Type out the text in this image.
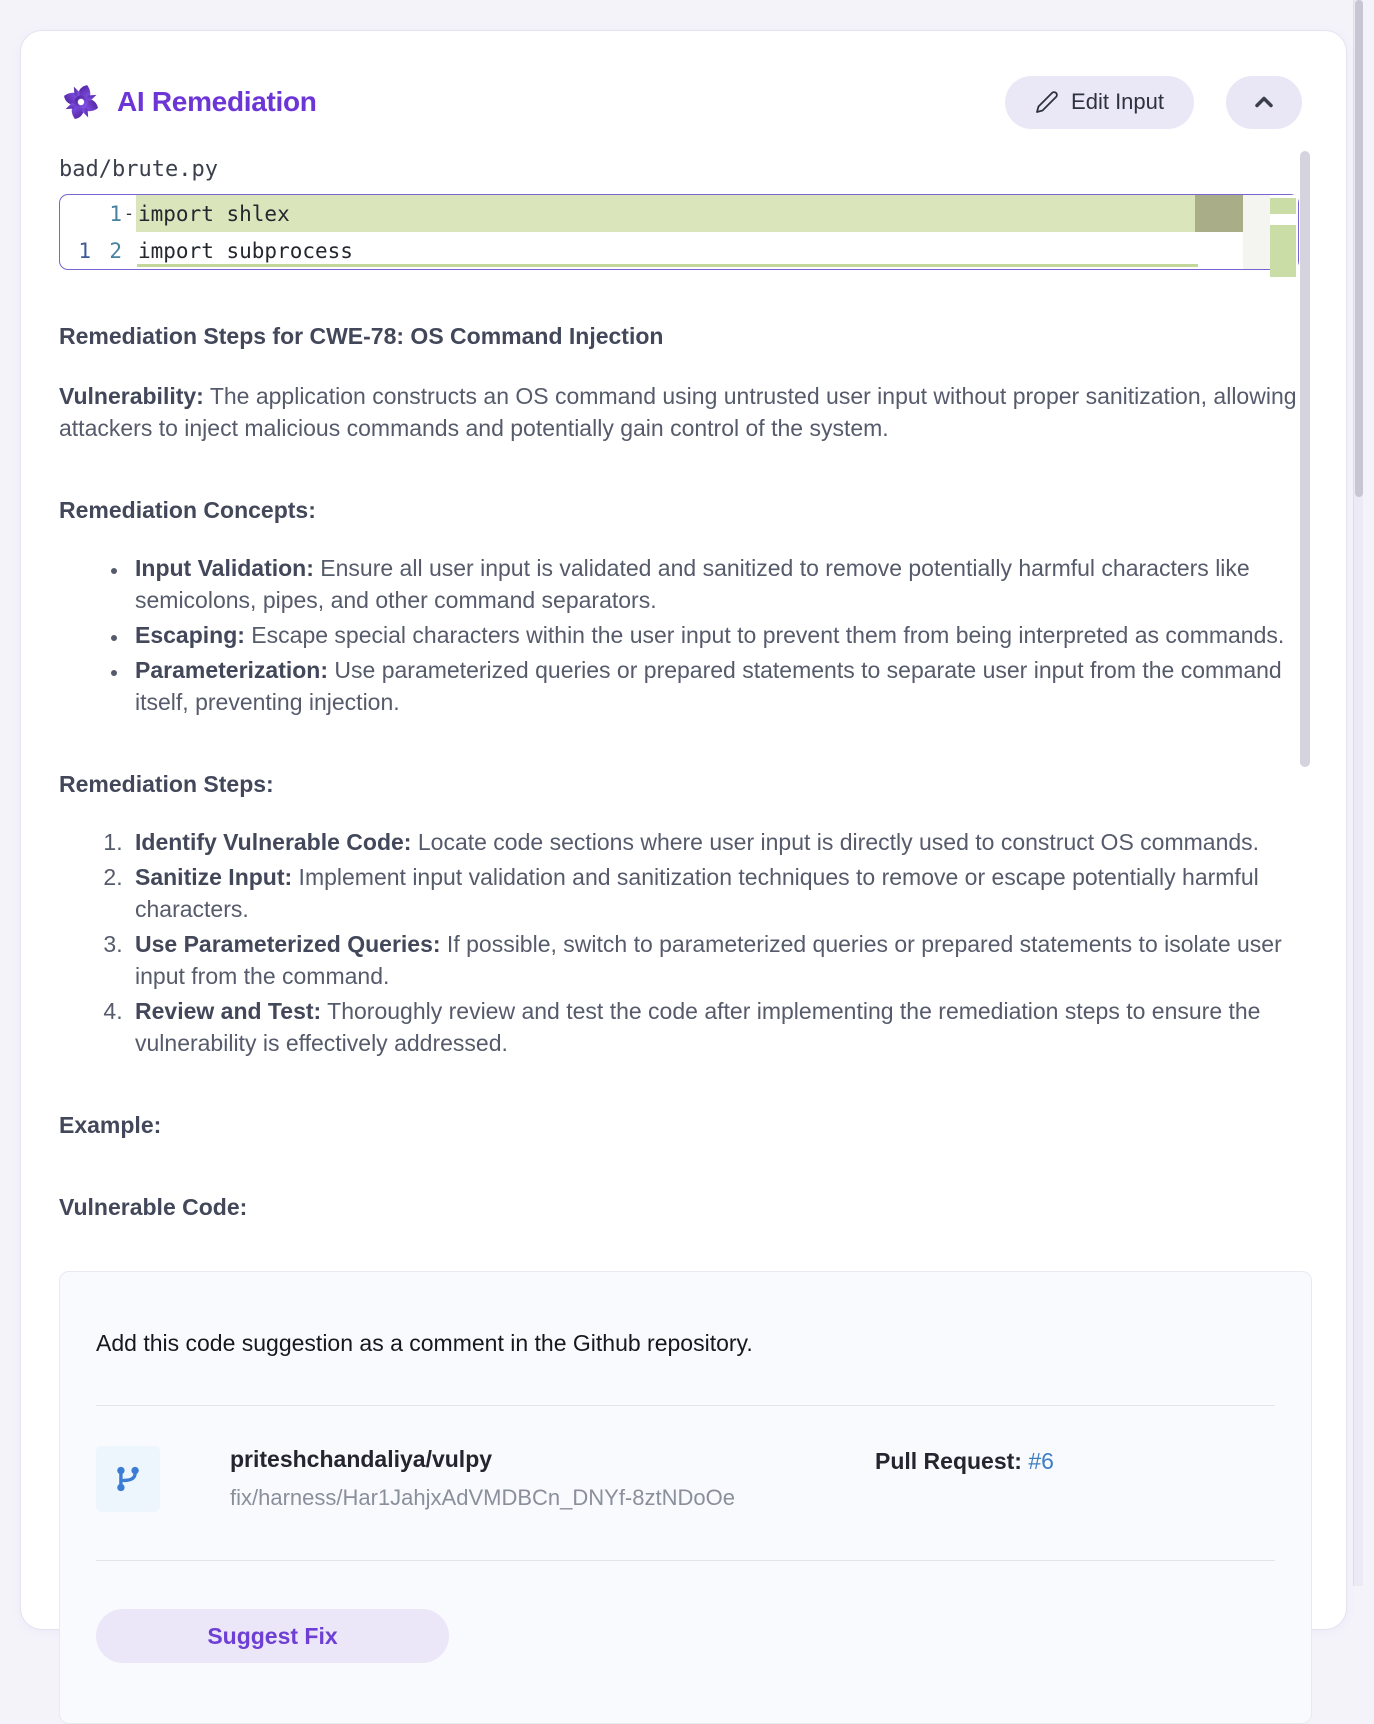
AI Remediation	Edit Input
bad/brute.py
1 - import shlex
1 2 import subprocess
Remediation Steps for CWE-78: OS Command Injection

Vulnerability: The application constructs an OS command using untrusted user input without proper sanitization, allowing attackers to inject malicious commands and potentially gain control of the system.

Remediation Concepts:
• Input Validation: Ensure all user input is validated and sanitized to remove potentially harmful characters like semicolons, pipes, and other command separators.
• Escaping: Escape special characters within the user input to prevent them from being interpreted as commands.
• Parameterization: Use parameterized queries or prepared statements to separate user input from the command itself, preventing injection.
Remediation Steps:
1. Identify Vulnerable Code: Locate code sections where user input is directly used to construct OS commands.
2. Sanitize Input: Implement input validation and sanitization techniques to remove or escape potentially harmful characters.
3. Use Parameterized Queries: If possible, switch to parameterized queries or prepared statements to isolate user input from the command.
4. Review and Test: Thoroughly review and test the code after implementing the remediation steps to ensure the vulnerability is effectively addressed.
Example:
Vulnerable Code:
Add this code suggestion as a comment in the Github repository.
priteshchandaliya/vulpy
fix/harness/Har1JahjxAdVMDBCn_DNYf-8ztNDoOe
Pull Request: #6
Suggest Fix
